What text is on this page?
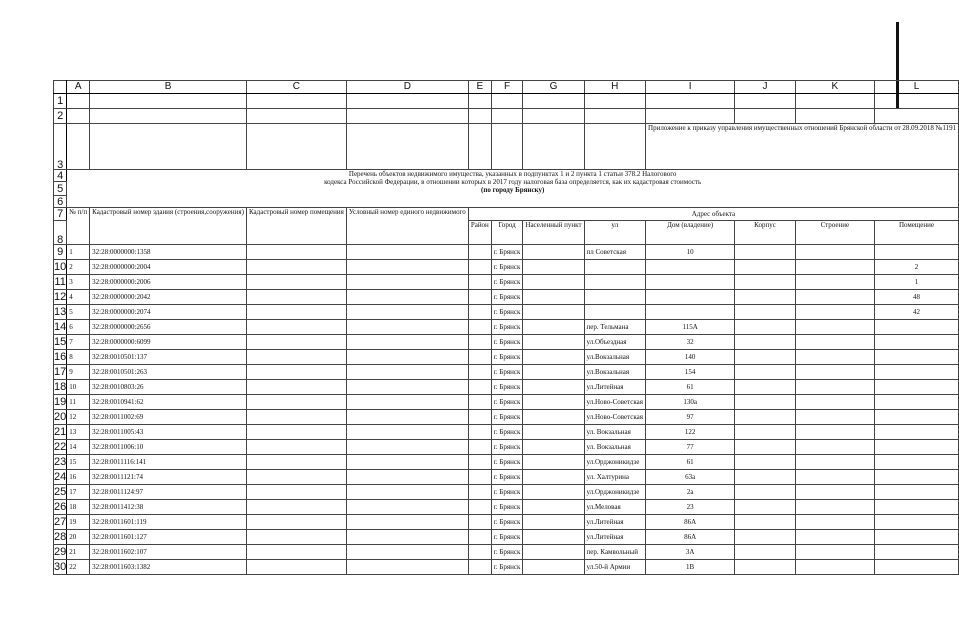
	A	B	C	D	E	F	G	H	I	J	K	L
1												
2												
3									Приложение к приказу управления имущественных отношений Брянской области от 28.09.2018 №1191			
4	Перечень объектов недвижимого имущества, указанных в подпунктах 1 и 2 пункта 1 статьи 378.2 Налогового
кодекса Российской Федерации, в отношении которых в 2017 году налоговая база определяется, как их кадастровая стоимость
(по городу Брянску)											

5												
6												
7	№ п/п	Кадастровый номер здания (строения,сооружения)	Кадастровый номер помещения	Условный номер единого недвижимого	Адрес объекта							
8					Район	Город	Населенный пункт	ул	Дом (владение)	Корпус	Строение	Помещение
9	1	32:28:0000000:1358				г. Брянск		пл Советская	10			
10	2	32:28:0000000:2004				г. Брянск						2
11	3	32:28:0000000:2006				г. Брянск						1
12	4	32:28:0000000:2042				г. Брянск						48
13	5	32:28:0000000:2074				г. Брянск						42
14	6	32:28:0000000:2656				г. Брянск		пер. Тельмана	115А			
15	7	32:28:0000000:6099				г. Брянск		ул.Объездная	32			
16	8	32:28:0010501:137				г. Брянск		ул.Вокзальная	140			
17	9	32:28:0010501:263				г. Брянск		ул.Вокзальная	154			
18	10	32:28:0010803:26				г. Брянск		ул.Литейная	61			
19	11	32:28:0010941:62				г. Брянск		ул.Ново-Советская	130а			
20	12	32:28:0011002:69				г. Брянск		ул.Ново-Советская	97			
21	13	32:28:0011005:43				г. Брянск		ул. Вокзальная	122			
22	14	32:28:0011006:10				г. Брянск		ул. Вокзальная	77			
23	15	32:28:0011116:141				г. Брянск		ул.Орджоникидзе	61			
24	16	32:28:0011121:74				г. Брянск		ул. Халтурина	63а			
25	17	32:28:0011124:97				г. Брянск		ул.Орджоникидзе	2а			
26	18	32:28:0011412:38				г. Брянск		ул.Меловая	23			
27	19	32:28:0011601:119				г. Брянск		ул.Литейная	86А			
28	20	32:28:0011601:127				г. Брянск		ул.Литейная	86А			
29	21	32:28:0011602:107				г. Брянск		пер. Камвольный	3А			
30	22	32:28:0011603:1382				г. Брянск		ул.50-й Армии	1В			
